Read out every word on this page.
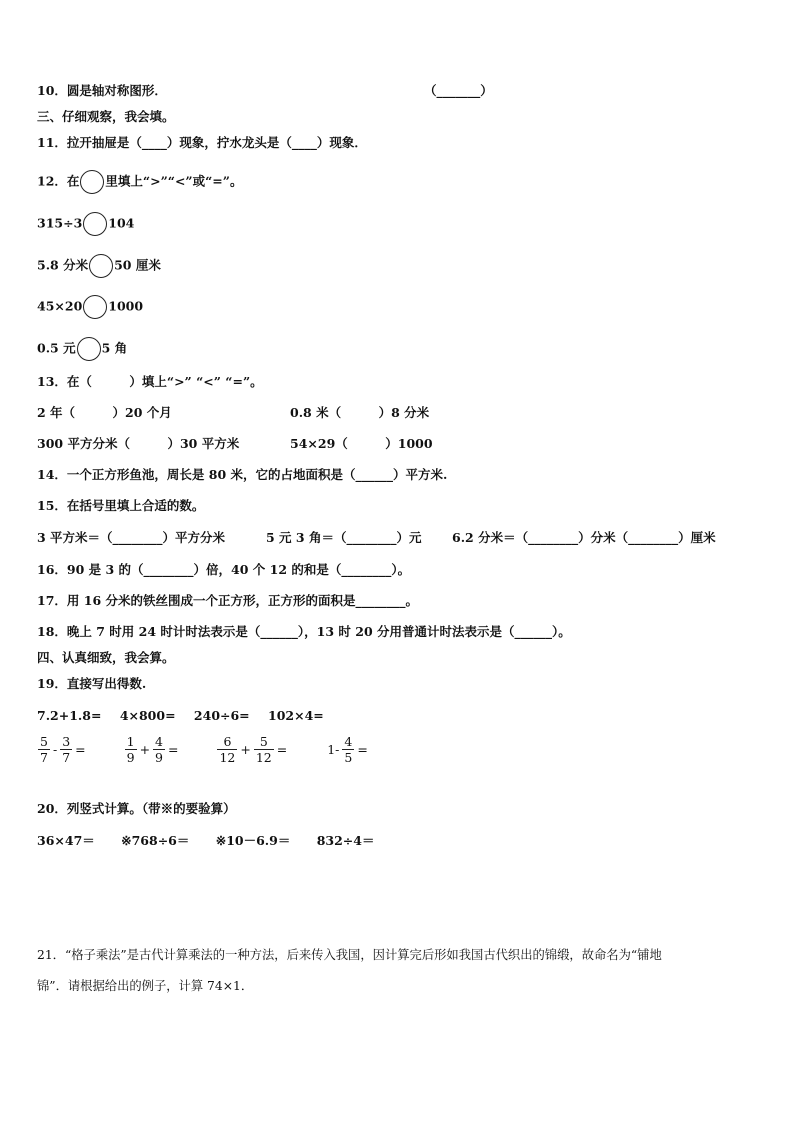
10．圆是轴对称图形．	（_______）
三、仔细观察，我会填。
11．拉开抽屉是（____）现象，拧水龙头是（____）现象．
12．在 里填上“>”“<”或“=”。
315÷3 104
5.8 分米 50 厘米
45×20 1000
0.5 元 5 角
13．在（　　　）填上“>” “<” “=”。
2 年（　　　）20 个月	0.8 米（　　　）8 分米
300 平方分米（　　　）30 平方米	54×29（　　　）1000
14．一个正方形鱼池，周长是 80 米，它的占地面积是（______）平方米.
15．在括号里填上合适的数。
3 平方米＝（________）平方分米	5 元 3 角＝（________）元 6.2 分米＝（________）分米（________）厘米
16．90 是 3 的（________）倍，40 个 12 的和是（________）。
17．用 16 分米的铁丝围成一个正方形，正方形的面积是________。
18．晚上 7 时用 24 时计时法表示是（______），13 时 20 分用普通计时法表示是（______）。
四、认真细致，我会算。
19．直接写出得数.
7.2+1.8= 4×800= 240÷6= 102×4=
$\frac{5}{7} - \frac{3}{7}$ =	$\frac{1}{9} + \frac{4}{9}$ =	$\frac{6}{12} + \frac{5}{12}$ =	$1- \frac{4}{5}$ =
20．列竖式计算。（带※的要验算）
36×47＝ ※768÷6＝ ※10－6.9＝ 832÷4＝
21．“格子乘法”是古代计算乘法的一种方法，后来传入我国，因计算完后形如我国古代织出的锦缎，故命名为“铺地
锦”．请根据给出的例子，计算 74×1．
